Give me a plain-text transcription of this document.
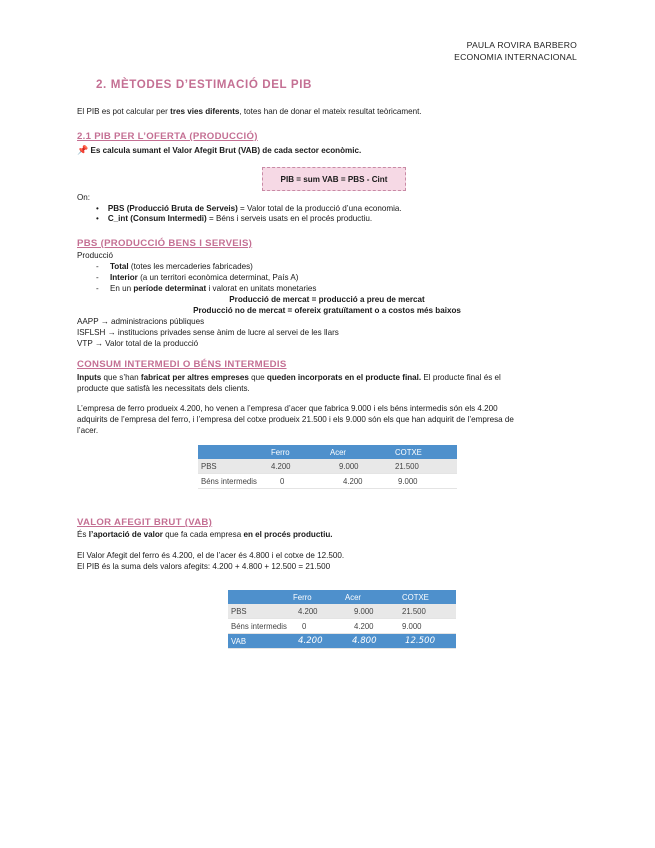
PAULA ROVIRA BARBERO
ECONOMIA INTERNACIONAL
2. MÈTODES D’ESTIMACIÓ DEL PIB
El PIB es pot calcular per tres vies diferents, totes han de donar el mateix resultat teòricament.
2.1 PIB PER L’OFERTA (PRODUCCIÓ)
📌 Es calcula sumant el Valor Afegit Brut (VAB) de cada sector econòmic.
PIB = sum VAB = PBS - Cint
On:
• PBS (Producció Bruta de Serveis) = Valor total de la producció d’una economia.
• C_int (Consum Intermedi) = Béns i serveis usats en el procés productiu.
PBS (PRODUCCIÓ BENS I SERVEIS)
Producció
-     Total (totes les mercaderies fabricades)
-     Interior (a un territori econòmica determinat, País A)
-     En un període determinat i valorat en unitats monetaries
Producció de mercat = producció a preu de mercat
Producció no de mercat = ofereix gratuïtament o a costos més baixos
AAPP → administracions públiques
ISFLSH → institucions privades sense ànim de lucre al servei de les llars
VTP → Valor total de la producció
CONSUM INTERMEDI O BÉNS INTERMEDIS
Inputs que s’han fabricat per altres empreses que queden incorporats en el producte final. El producte final és el
producte que satisfà les necessitats dels clients.
L’empresa de ferro produeix 4.200, ho venen a l’empresa d’acer que fabrica 9.000 i els béns intermedis són els 4.200
adquirits de l’empresa del ferro, i l’empresa del cotxe produeix 21.500 i els 9.000 són els que han adquirit de l’empresa de
l’acer.
	Ferro	Acer	COTXE
PBS	4.200	9.000	21.500
Béns intermedis	0	4.200	9.000
VALOR AFEGIT BRUT (VAB)
És l’aportació de valor que fa cada empresa en el procés productiu.
El Valor Afegit del ferro és 4.200, el de l’acer és 4.800 i el cotxe de 12.500.
El PIB és la suma dels valors afegits: 4.200 + 4.800 + 12.500 = 21.500
	Ferro	Acer	COTXE
PBS	4.200	9.000	21.500
Béns intermedis	0	4.200	9.000
VAB	4.200	4.800	12.500
